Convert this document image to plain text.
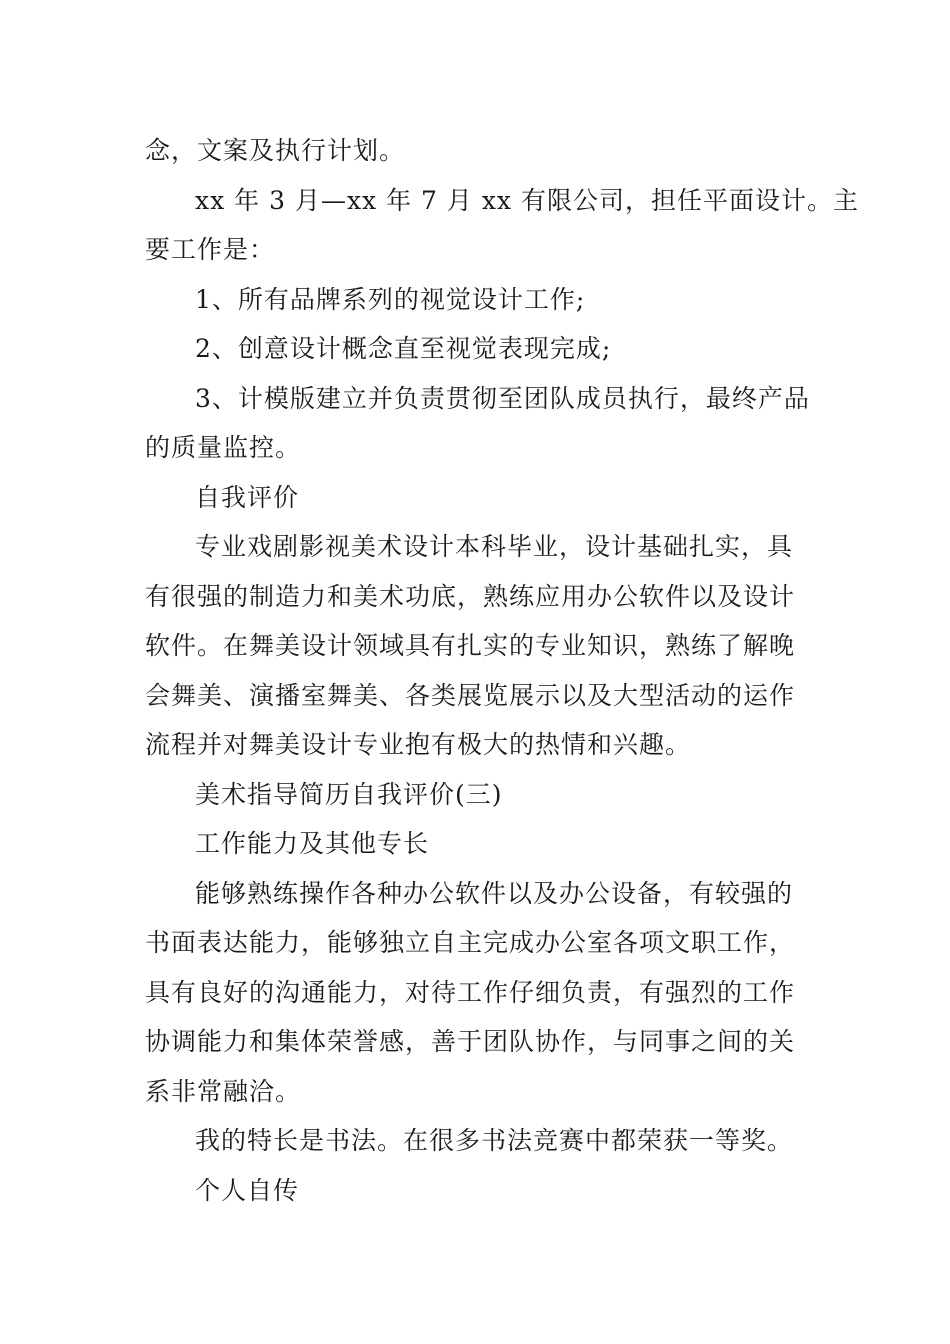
念，文案及执行计划。

xx 年 3 月—xx 年 7 月 xx 有限公司，担任平面设计。主

要工作是：

1、所有品牌系列的视觉设计工作;

2、创意设计概念直至视觉表现完成;

3、计模版建立并负责贯彻至团队成员执行，最终产品

的质量监控。

自我评价

专业戏剧影视美术设计本科毕业，设计基础扎实，具

有很强的制造力和美术功底，熟练应用办公软件以及设计

软件。在舞美设计领域具有扎实的专业知识，熟练了解晚

会舞美、演播室舞美、各类展览展示以及大型活动的运作

流程并对舞美设计专业抱有极大的热情和兴趣。

美术指导简历自我评价(三)

工作能力及其他专长

能够熟练操作各种办公软件以及办公设备，有较强的

书面表达能力，能够独立自主完成办公室各项文职工作，

具有良好的沟通能力，对待工作仔细负责，有强烈的工作

协调能力和集体荣誉感，善于团队协作，与同事之间的关

系非常融洽。

我的特长是书法。在很多书法竞赛中都荣获一等奖。

个人自传
